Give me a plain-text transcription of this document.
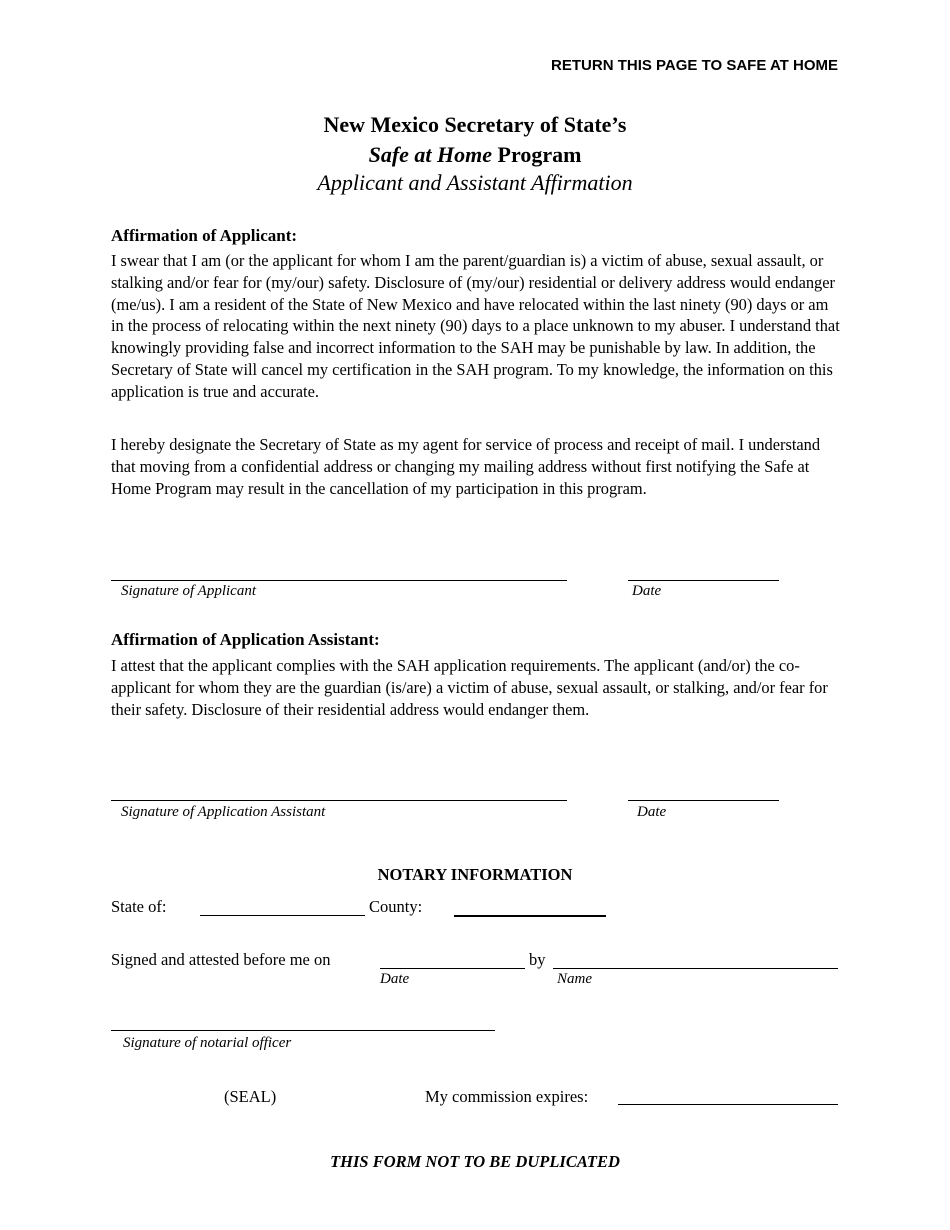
RETURN THIS PAGE TO SAFE AT HOME
New Mexico Secretary of State’s
Safe at Home Program
Applicant and Assistant Affirmation
Affirmation of Applicant:

I swear that I am (or the applicant for whom I am the parent/guardian is) a victim of abuse, sexual assault, or stalking and/or fear for (my/our) safety. Disclosure of (my/our) residential or delivery address would endanger (me/us). I am a resident of the State of New Mexico and have relocated within the last ninety (90) days or am in the process of relocating within the next ninety (90) days to a place unknown to my abuser. I understand that knowingly providing false and incorrect information to the SAH may be punishable by law. In addition, the Secretary of State will cancel my certification in the SAH program. To my knowledge, the information on this application is true and accurate.

I hereby designate the Secretary of State as my agent for service of process and receipt of mail. I understand that moving from a confidential address or changing my mailing address without first notifying the Safe at Home Program may result in the cancellation of my participation in this program.

Signature of Applicant	Date
Affirmation of Application Assistant:

I attest that the applicant complies with the SAH application requirements. The applicant (and/or) the co-applicant for whom they are the guardian (is/are) a victim of abuse, sexual assault, or stalking, and/or fear for their safety. Disclosure of their residential address would endanger them.

Signature of Application Assistant	Date
NOTARY INFORMATION
State of:	County:
Signed and attested before me on	by
Date	Name
Signature of notarial officer
(SEAL)	My commission expires:
THIS FORM NOT TO BE DUPLICATED
